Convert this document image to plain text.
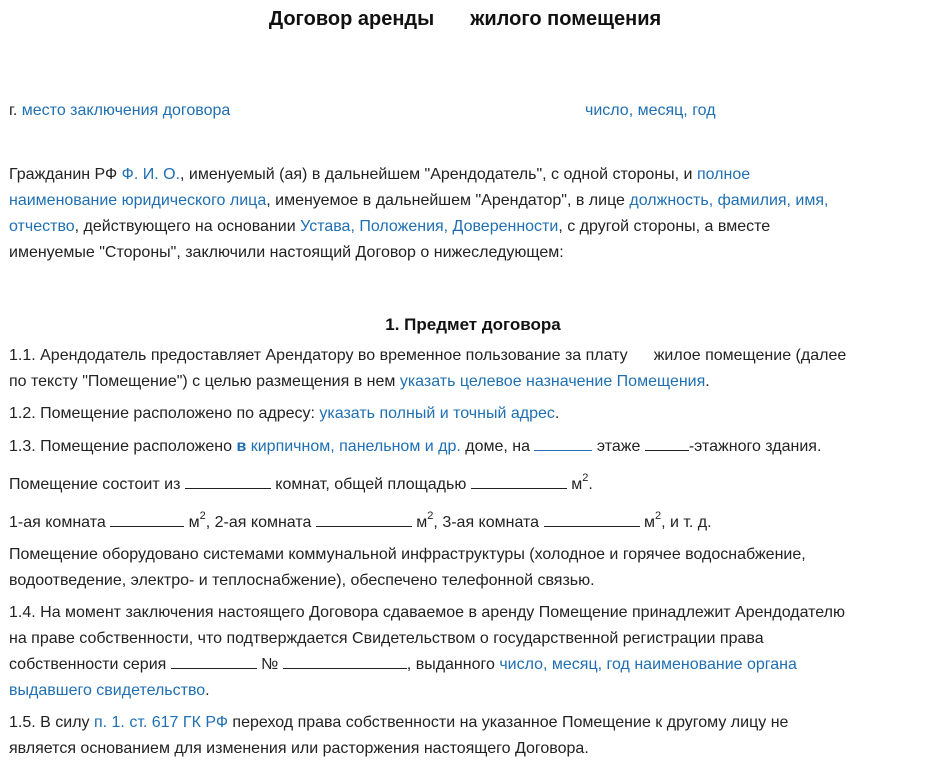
Договор аренды жилого помещения
г. место заключения договора	число, месяц, год
Гражданин РФ Ф. И. О., именуемый (ая) в дальнейшем "Арендодатель", с одной стороны, и полное
наименование юридического лица, именуемое в дальнейшем "Арендатор", в лице должность, фамилия, имя,
отчество, действующего на основании Устава, Положения, Доверенности, с другой стороны, а вместе
именуемые "Стороны", заключили настоящий Договор о нижеследующем:
1. Предмет договора
1.1. Арендодатель предоставляет Арендатору во временное пользование за плату жилое помещение (далее
по тексту "Помещение") с целью размещения в нем указать целевое назначение Помещения.
1.2. Помещение расположено по адресу: указать полный и точный адрес.
1.3. Помещение расположено в кирпичном, панельном и др. доме, на	этаже	-этажного здания.
Помещение состоит из	комнат, общей площадью	$м^2$.
1-ая комната	$м^2$, 2-ая комната	$м^2$, 3-ая комната	$м^2$, и т. д.
Помещение оборудовано системами коммунальной инфраструктуры (холодное и горячее водоснабжение,
водоотведение, электро- и теплоснабжение), обеспечено телефонной связью.
1.4. На момент заключения настоящего Договора сдаваемое в аренду Помещение принадлежит Арендодателю
на праве собственности, что подтверждается Свидетельством о государственной регистрации права
собственности серия	№	, выданного число, месяц, год наименование органа
выдавшего свидетельство.
1.5. В силу п. 1. ст. 617 ГК РФ переход права собственности на указанное Помещение к другому лицу не
является основанием для изменения или расторжения настоящего Договора.
